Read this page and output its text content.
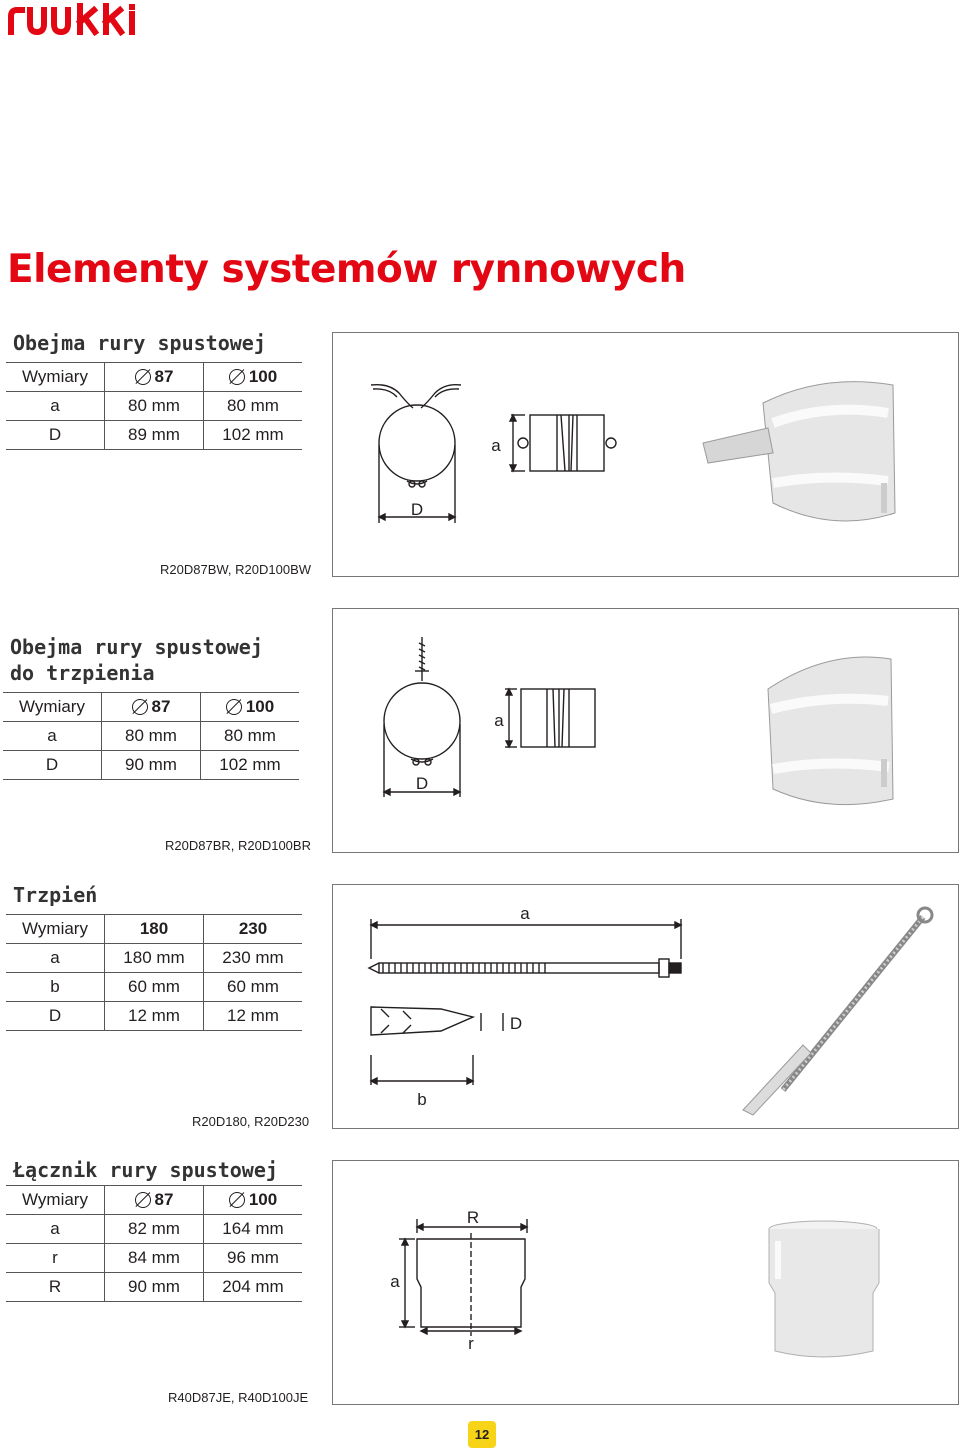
Elementy systemów rynnowych
Obejma rury spustowej
Wymiary	87	100
a	80 mm	80 mm
D	89 mm	102 mm
R20D87BW, R20D100BW
D
a
Obejma rury spustowej
do trzpienia
Wymiary	87	100
a	80 mm	80 mm
D	90 mm	102 mm
R20D87BR, R20D100BR
D
a
Trzpień
Wymiary	180	230
a	180 mm	230 mm
b	60 mm	60 mm
D	12 mm	12 mm
R20D180, R20D230
a
D
b
Łącznik rury spustowej
Wymiary	87	100
a	82 mm	164 mm
r	84 mm	96 mm
R	90 mm	204 mm
R40D87JE, R40D100JE
R
a
r
12
